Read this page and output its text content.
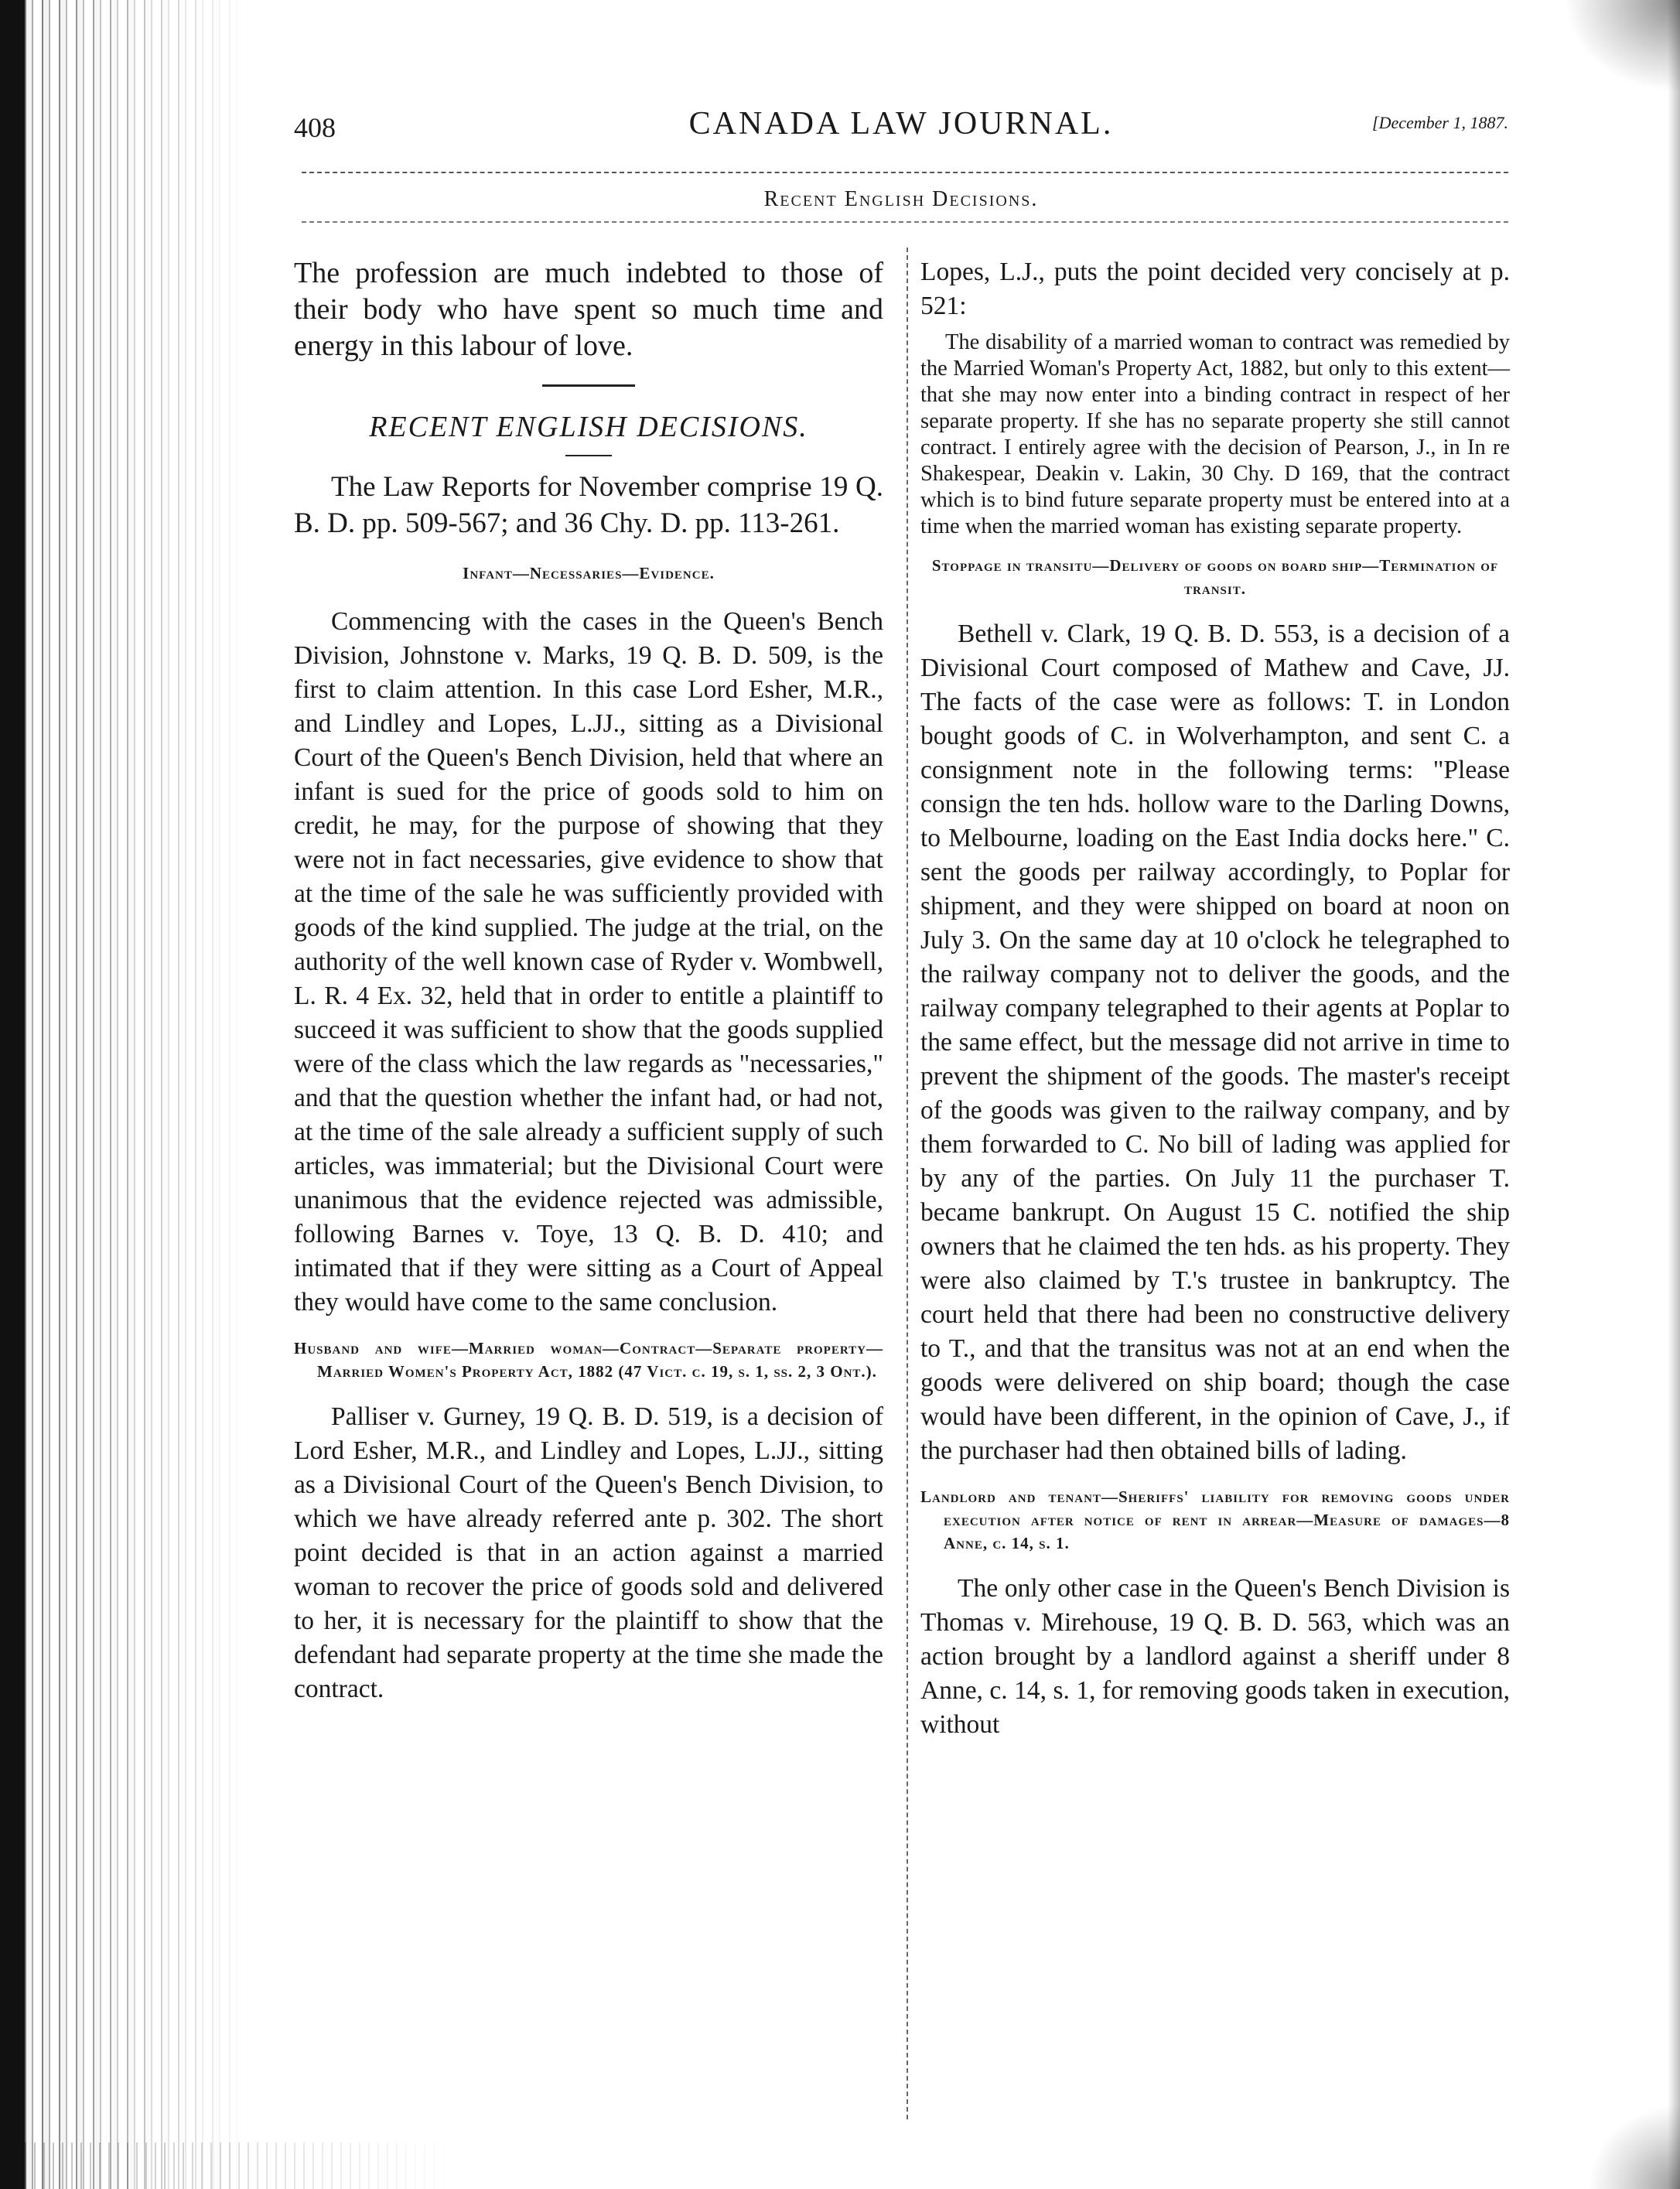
408	CANADA LAW JOURNAL.	[December 1, 1887.
Recent English Decisions.

The profession are much indebted to those of their body who have spent so much time and energy in this labour of love.

RECENT ENGLISH DECISIONS.

The Law Reports for November comprise 19 Q. B. D. pp. 509-567; and 36 Chy. D. pp. 113-261.

Infant—Necessaries—Evidence.

Commencing with the cases in the Queen's Bench Division, Johnstone v. Marks, 19 Q. B. D. 509, is the first to claim attention. In this case Lord Esher, M.R., and Lindley and Lopes, L.JJ., sitting as a Divisional Court of the Queen's Bench Division, held that where an infant is sued for the price of goods sold to him on credit, he may, for the purpose of showing that they were not in fact necessaries, give evidence to show that at the time of the sale he was sufficiently provided with goods of the kind supplied. The judge at the trial, on the authority of the well known case of Ryder v. Wombwell, L. R. 4 Ex. 32, held that in order to entitle a plaintiff to succeed it was sufficient to show that the goods supplied were of the class which the law regards as "necessaries," and that the question whether the infant had, or had not, at the time of the sale already a sufficient supply of such articles, was immaterial; but the Divisional Court were unanimous that the evidence rejected was admissible, following Barnes v. Toye, 13 Q. B. D. 410; and intimated that if they were sitting as a Court of Appeal they would have come to the same conclusion.

Husband and wife—Married woman—Contract—Separate property—Married Women's Property Act, 1882 (47 Vict. c. 19, s. 1, ss. 2, 3 Ont.).

Palliser v. Gurney, 19 Q. B. D. 519, is a decision of Lord Esher, M.R., and Lindley and Lopes, L.JJ., sitting as a Divisional Court of the Queen's Bench Division, to which we have already referred ante p. 302. The short point decided is that in an action against a married woman to recover the price of goods sold and delivered to her, it is necessary for the plaintiff to show that the defendant had separate property at the time she made the contract.

Lopes, L.J., puts the point decided very concisely at p. 521:

The disability of a married woman to contract was remedied by the Married Woman's Property Act, 1882, but only to this extent—that she may now enter into a binding contract in respect of her separate property. If she has no separate property she still cannot contract. I entirely agree with the decision of Pearson, J., in In re Shakespear, Deakin v. Lakin, 30 Chy. D 169, that the contract which is to bind future separate property must be entered into at a time when the married woman has existing separate property.

Stoppage in transitu—Delivery of goods on board ship—Termination of transit.

Bethell v. Clark, 19 Q. B. D. 553, is a decision of a Divisional Court composed of Mathew and Cave, JJ. The facts of the case were as follows: T. in London bought goods of C. in Wolverhampton, and sent C. a consignment note in the following terms: "Please consign the ten hds. hollow ware to the Darling Downs, to Melbourne, loading on the East India docks here." C. sent the goods per railway accordingly, to Poplar for shipment, and they were shipped on board at noon on July 3. On the same day at 10 o'clock he telegraphed to the railway company not to deliver the goods, and the railway company telegraphed to their agents at Poplar to the same effect, but the message did not arrive in time to prevent the shipment of the goods. The master's receipt of the goods was given to the railway company, and by them forwarded to C. No bill of lading was applied for by any of the parties. On July 11 the purchaser T. became bankrupt. On August 15 C. notified the ship owners that he claimed the ten hds. as his property. They were also claimed by T.'s trustee in bankruptcy. The court held that there had been no constructive delivery to T., and that the transitus was not at an end when the goods were delivered on ship board; though the case would have been different, in the opinion of Cave, J., if the purchaser had then obtained bills of lading.

Landlord and tenant—Sheriffs' liability for removing goods under execution after notice of rent in arrear—Measure of damages—8 Anne, c. 14, s. 1.

The only other case in the Queen's Bench Division is Thomas v. Mirehouse, 19 Q. B. D. 563, which was an action brought by a landlord against a sheriff under 8 Anne, c. 14, s. 1, for removing goods taken in execution, without
